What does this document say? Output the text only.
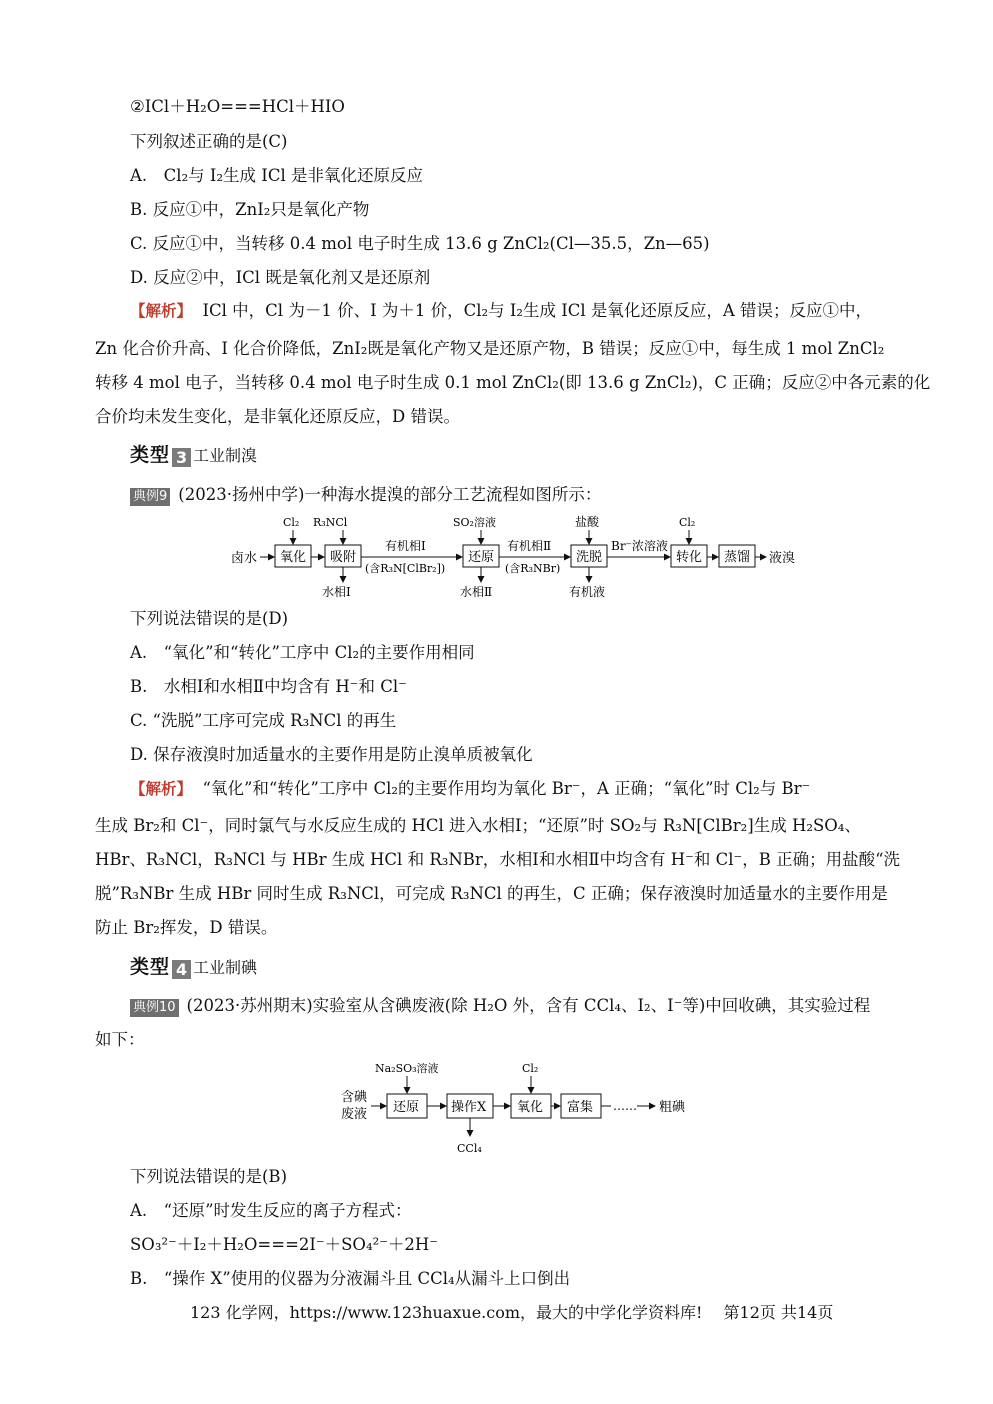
②ICl＋H₂O===HCl＋HIO
下列叙述正确的是(C)
A.　Cl₂与 I₂生成 ICl 是非氧化还原反应
B. 反应①中，ZnI₂只是氧化产物
C. 反应①中，当转移 0.4 mol 电子时生成 13.6 g ZnCl₂(Cl—35.5，Zn—65)
D. 反应②中，ICl 既是氧化剂又是还原剂
【解析】 ICl 中，Cl 为－1 价、I 为＋1 价，Cl₂与 I₂生成 ICl 是氧化还原反应，A 错误；反应①中，
Zn 化合价升高、I 化合价降低，ZnI₂既是氧化产物又是还原产物，B 错误；反应①中，每生成 1 mol ZnCl₂
转移 4 mol 电子，当转移 0.4 mol 电子时生成 0.1 mol ZnCl₂(即 13.6 g ZnCl₂)，C 正确；反应②中各元素的化
合价均未发生变化，是非氧化还原反应，D 错误。
类型 3 工业制溴
典例9 (2023·扬州中学)一种海水提溴的部分工艺流程如图所示：
卤水 氧化 吸附
有机相Ⅰ
(含R₃N[ClBr₂])
还原
有机相Ⅱ
(含R₃NBr)
洗脱
Br⁻浓溶液
转化 蒸馏 液溴
Cl₂ R₃NCl	SO₂溶液	盐酸	Cl₂
水相Ⅰ	水相Ⅱ	有机液
下列说法错误的是(D)
A.　“氧化”和“转化”工序中 Cl₂的主要作用相同
B.　水相Ⅰ和水相Ⅱ中均含有 H⁻和 Cl⁻
C. “洗脱”工序可完成 R₃NCl 的再生
D. 保存液溴时加适量水的主要作用是防止溴单质被氧化
【解析】 “氧化”和“转化”工序中 Cl₂的主要作用均为氧化 Br⁻，A 正确；“氧化”时 Cl₂与 Br⁻
生成 Br₂和 Cl⁻，同时氯气与水反应生成的 HCl 进入水相Ⅰ；“还原”时 SO₂与 R₃N[ClBr₂]生成 H₂SO₄、
HBr、R₃NCl，R₃NCl 与 HBr 生成 HCl 和 R₃NBr，水相Ⅰ和水相Ⅱ中均含有 H⁻和 Cl⁻，B 正确；用盐酸“洗
脱”R₃NBr 生成 HBr 同时生成 R₃NCl，可完成 R₃NCl 的再生，C 正确；保存液溴时加适量水的主要作用是
防止 Br₂挥发，D 错误。
类型 4 工业制碘
典例10 (2023·苏州期末)实验室从含碘废液(除 H₂O 外，含有 CCl₄、I₂、I⁻等)中回收碘，其实验过程
如下：
含碘
废液 还原 操作X 氧化 富集 …… 粗碘
Na₂SO₃溶液	Cl₂
CCl₄
下列说法错误的是(B)
A.　“还原”时发生反应的离子方程式：
SO₃²⁻＋I₂＋H₂O===2I⁻＋SO₄²⁻＋2H⁻
B.　“操作 X”使用的仪器为分液漏斗且 CCl₄从漏斗上口倒出
123 化学网，https://www.123huaxue.com，最大的中学化学资料库!　 第12页 共14页
